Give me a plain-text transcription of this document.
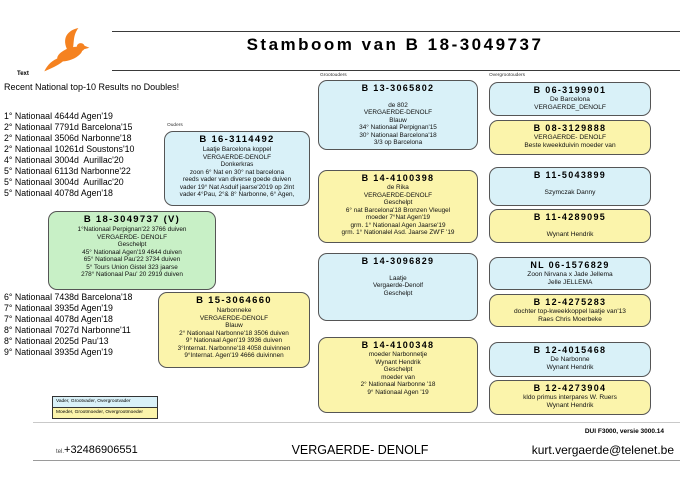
Stamboom van B 18-3049737
Text
Recent National top-10 Results no Doubles!
1° Nationaal 4644d Agen'19
2° Nationaal 7791d Barcelona'15
2° Nationaal 3506d Narbonne'18
2° Nationaal 10261d Soustons'10
4° Nationaal 3004d  Aurillac'20
5° Nationaal 6113d Narbonne'22
5° Nationaal 3004d  Aurillac'20
5° Nationaal 4078d Agen'18
6° Nationaal 7438d Barcelona'18
7° Nationaal 3935d Agen'19
7° Nationaal 4078d Agen'18
8° Nationaal 7027d Narbonne'11
8° Nationaal 2025d Pau'13
9° Nationaal 3935d Agen'19
Ouders
Grootouders	Overgrootouders
B 18-3049737 (V)
1°Nationaal Perpignan'22 3766 duiven
VERGAERDE- DENOLF
Geschelpt
45° Nationaal Agen'19 4644 duiven
65° Nationaal Pau'22 3734 duiven
5° Tours Union Gistel 323 jaarse
278° Nationaal Pau' 20 2919 duiven
B 16-3114492
Laatje Barcelona koppel
VERGAERDE-DENOLF
Donkerkras
zoon 6° Nat en 30° nat barcelona
reeds vader van diverse goede duiven
vader 19° Nat Asduif jaarse'2019 op 2Int
vader 4°Pau, 2°& 8° Narbonne, 6° Agen,
B 15-3064660
Narbonneke
VERGAERDE-DENOLF
Blauw
2° Nationaal Narbonne'18 3506 duiven
9° Nationaal Agen'19 3936 duiven
3°Internat. Narbonne'18 4058 duivinnen
9°Internat. Agen'19 4666 duivinnen
B 13-3065802
de 802
VERGAERDE-DENOLF
Blauw
34° Nationaal Perpignan'15
30° Nationaal Barcelona'18
3/3 op Barcelona
B 14-4100398
de Rika
VERGAERDE-DENOLF
Geschelpt
6° nat Barcelona'18 Bronzen Vleugel
moeder 7°Nat Agen'19
grm. 1° Nationaal Agen Jaarse'19
grm. 1° Nationalel Asd. Jaarse ZW'F '19
B 14-3096829
Laatje
Vergaerde-Denolf
Geschelpt
B 14-4100348
moeder Narbonnetje
Wynant Hendrik
Geschelpt
moeder van
2° Nationaal Narbonne '18
9° Nationaal Agen '19
B 06-3199901
De Barcelona
VERGAERDE_DENOLF
B 08-3129888
VERGAERDE- DENOLF
Beste kweekduivin moeder van
B 11-5043899
Szymczak Danny
B 11-4289095
Wynant Hendrik
NL 06-1576829
Zoon Nirvana x Jade Jellema
Jelle JELLEMA
B 12-4275283
dochter top-kweekkoppel laatje van'13
Raes Chris Moerbeke
B 12-4015468
De Narbonne
Wynant Hendrik
B 12-4273904
kldo primus interpares W. Ruers
Wynant Hendrik
Vader, Grootvader, Overgrootvader
Moeder, Grootmoeder, Overgrootmoeder
DUI F3000, versie 3000.14
tel.+32486906551	VERGAERDE- DENOLF	kurt.vergaerde@telenet.be
